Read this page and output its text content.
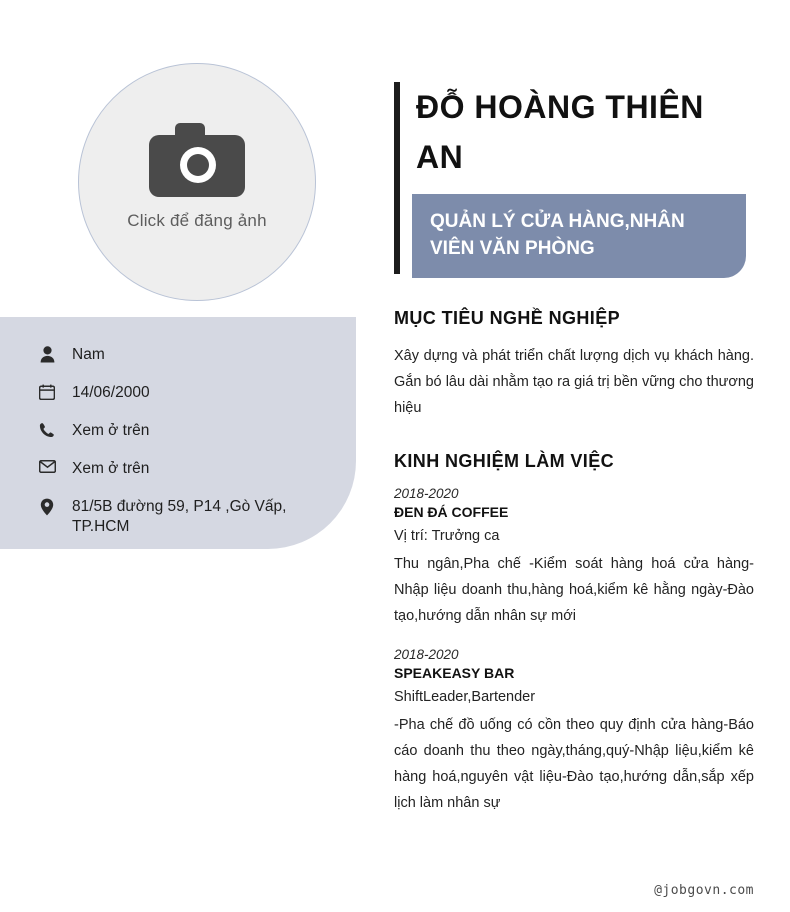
Click để đăng ảnh
Nam
14/06/2000
Xem ở trên
Xem ở trên
81/5B đường 59, P14 ,Gò Vấp, TP.HCM
ĐỖ HOÀNG THIÊN AN
QUẢN LÝ CỬA HÀNG,NHÂN VIÊN VĂN PHÒNG
MỤC TIÊU NGHỀ NGHIỆP

Xây dựng và phát triển chất lượng dịch vụ khách hàng. Gắn bó lâu dài nhằm tạo ra giá trị bền vững cho thương hiệu

KINH NGHIỆM LÀM VIỆC
2018-2020
ĐEN ĐÁ COFFEE
Vị trí: Trưởng ca
Thu ngân,Pha chế -Kiểm soát hàng hoá cửa hàng-Nhập liệu doanh thu,hàng hoá,kiểm kê hằng ngày-Đào tạo,hướng dẫn nhân sự mới
2018-2020
SPEAKEASY BAR
ShiftLeader,Bartender
-Pha chế đồ uống có cồn theo quy định cửa hàng-Báo cáo doanh thu theo ngày,tháng,quý-Nhập liệu,kiểm kê hàng hoá,nguyên vật liệu-Đào tạo,hướng dẫn,sắp xếp lịch làm nhân sự
@jobgovn.com
